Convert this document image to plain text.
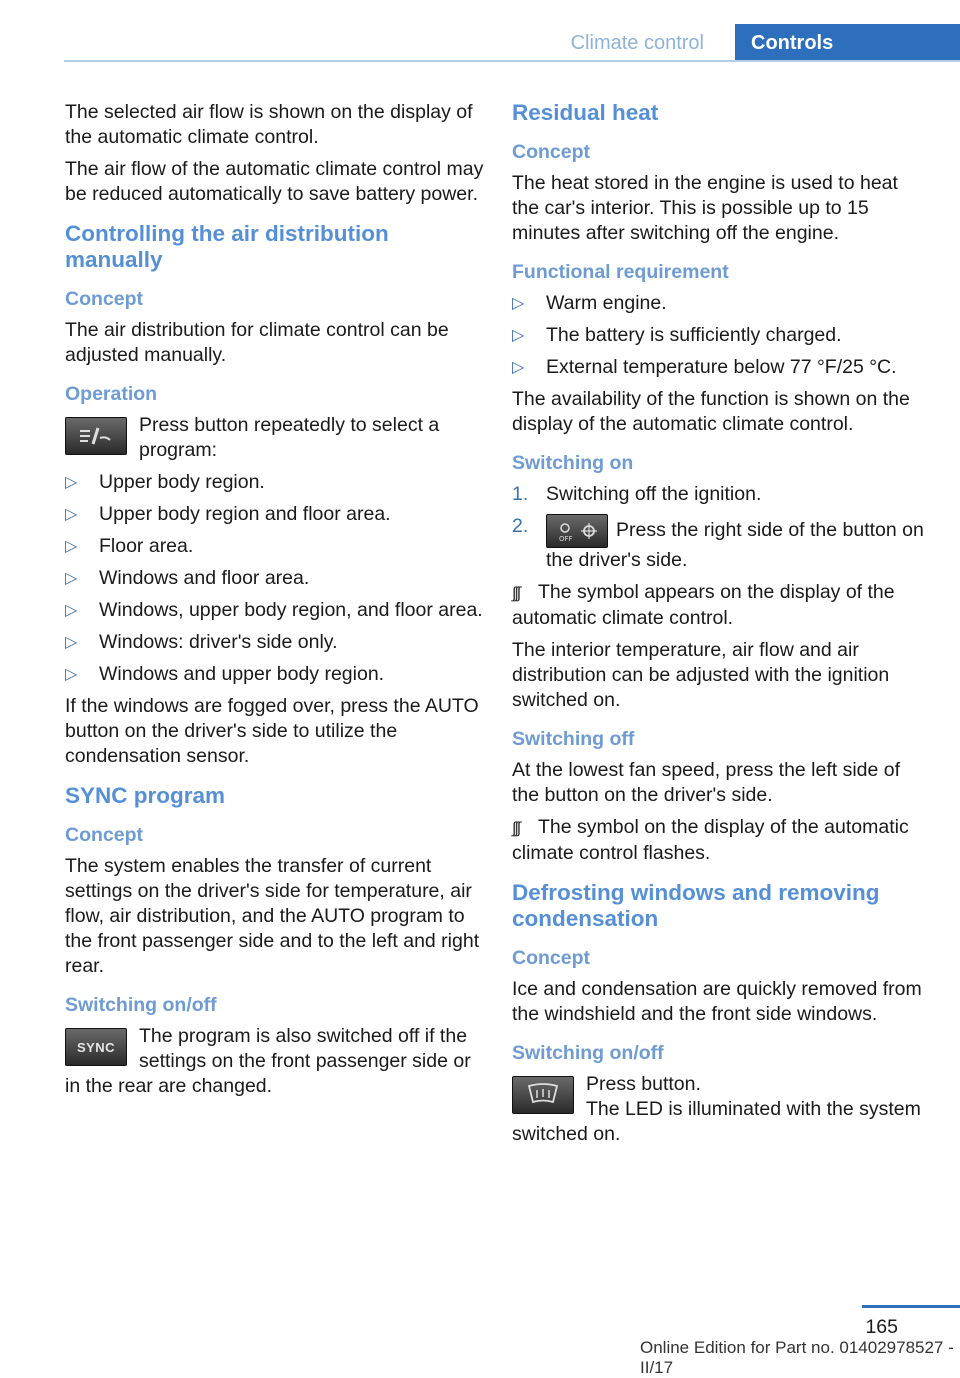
Climate control	Controls

The selected air flow is shown on the display of the automatic climate control.

The air flow of the automatic climate control may be reduced automatically to save battery power.

Controlling the air distribution manually
Concept

The air distribution for climate control can be adjusted manually.

Operation
Press button repeatedly to select a program:
▷ Upper body region.
▷ Upper body region and floor area.
▷ Floor area.
▷ Windows and floor area.
▷ Windows, upper body region, and floor area.
▷ Windows: driver's side only.
▷ Windows and upper body region.

If the windows are fogged over, press the AUTO button on the driver's side to utilize the condensation sensor.

SYNC program
Concept

The system enables the transfer of current settings on the driver's side for temperature, air flow, air distribution, and the AUTO program to the front passenger side and to the left and right rear.

Switching on/off
SYNC	The program is also switched off if the settings on the front passenger side or in the rear are changed.
Residual heat
Concept

The heat stored in the engine is used to heat the car's interior. This is possible up to 15 minutes after switching off the engine.

Functional requirement
▷ Warm engine.
▷ The battery is sufficiently charged.
▷ External temperature below 77 °F/25 °C.

The availability of the function is shown on the display of the automatic climate control.

Switching on
1. Switching off the ignition.
2.
OFF Press the right side of the button on the driver's side.

∫∫∫ The symbol appears on the display of the automatic climate control.

The interior temperature, air flow and air distribution can be adjusted with the ignition switched on.

Switching off

At the lowest fan speed, press the left side of the button on the driver's side.

∫∫∫ The symbol on the display of the automatic climate control flashes.

Defrosting windows and removing condensation
Concept

Ice and condensation are quickly removed from the windshield and the front side windows.

Switching on/off
Press button.
The LED is illuminated with the system switched on.
165
Online Edition for Part no. 01402978527 - II/17
